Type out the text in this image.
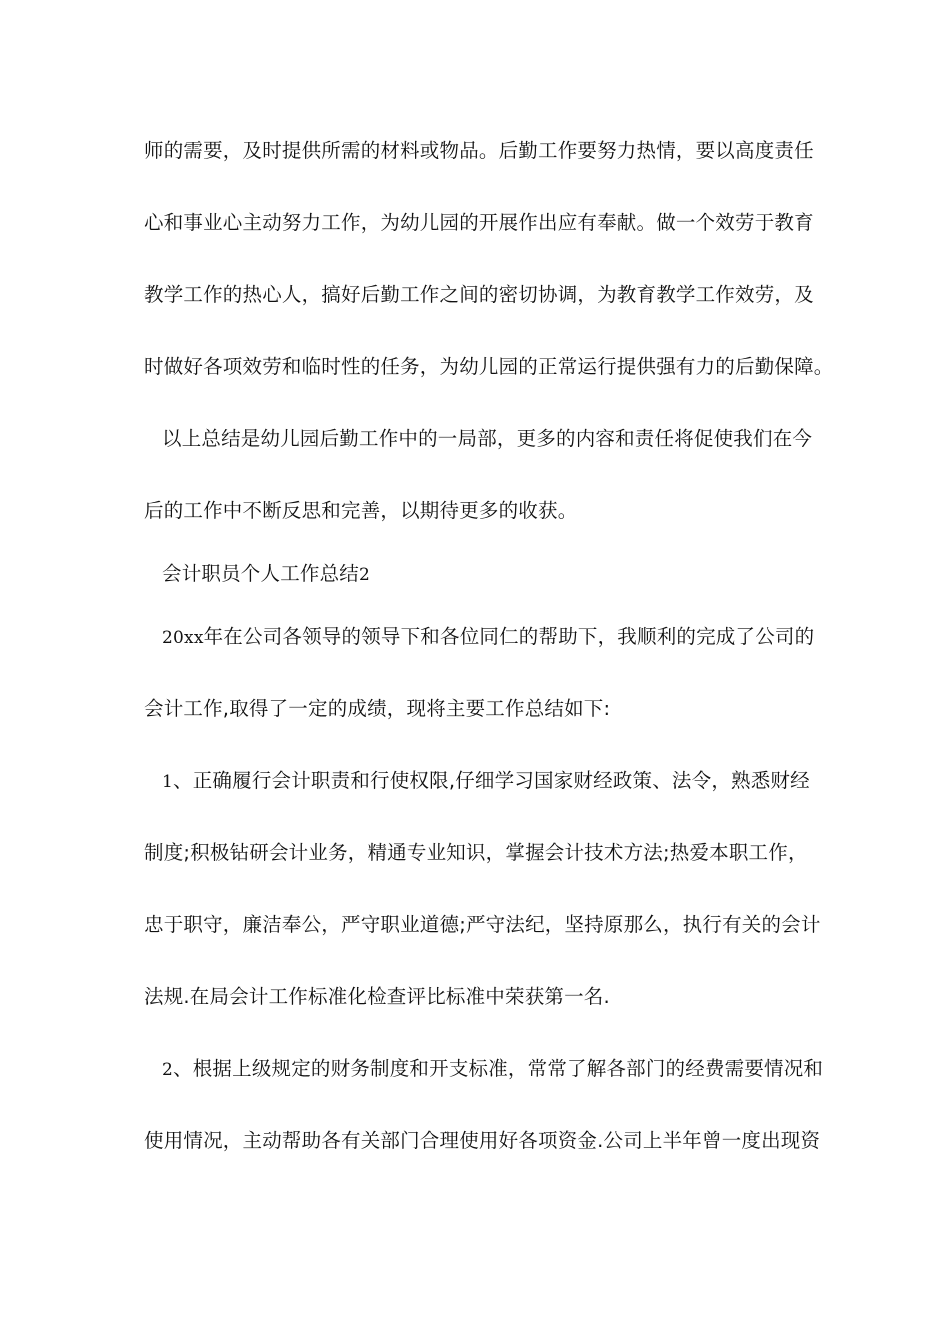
师的需要，及时提供所需的材料或物品。后勤工作要努力热情，要以高度责任
心和事业心主动努力工作，为幼儿园的开展作出应有奉献。做一个效劳于教育
教学工作的热心人，搞好后勤工作之间的密切协调，为教育教学工作效劳，及
时做好各项效劳和临时性的任务，为幼儿园的正常运行提供强有力的后勤保障。
以上总结是幼儿园后勤工作中的一局部，更多的内容和责任将促使我们在今
后的工作中不断反思和完善，以期待更多的收获。
会计职员个人工作总结2
20xx年在公司各领导的领导下和各位同仁的帮助下，我顺利的完成了公司的
会计工作,取得了一定的成绩，现将主要工作总结如下:
1、正确履行会计职责和行使权限,仔细学习国家财经政策、法令，熟悉财经
制度;积极钻研会计业务，精通专业知识，掌握会计技术方法;热爱本职工作，
忠于职守，廉洁奉公，严守职业道德;严守法纪，坚持原那么，执行有关的会计
法规.在局会计工作标准化检查评比标准中荣获第一名.
2、根据上级规定的财务制度和开支标准，常常了解各部门的经费需要情况和
使用情况，主动帮助各有关部门合理使用好各项资金.公司上半年曾一度出现资
